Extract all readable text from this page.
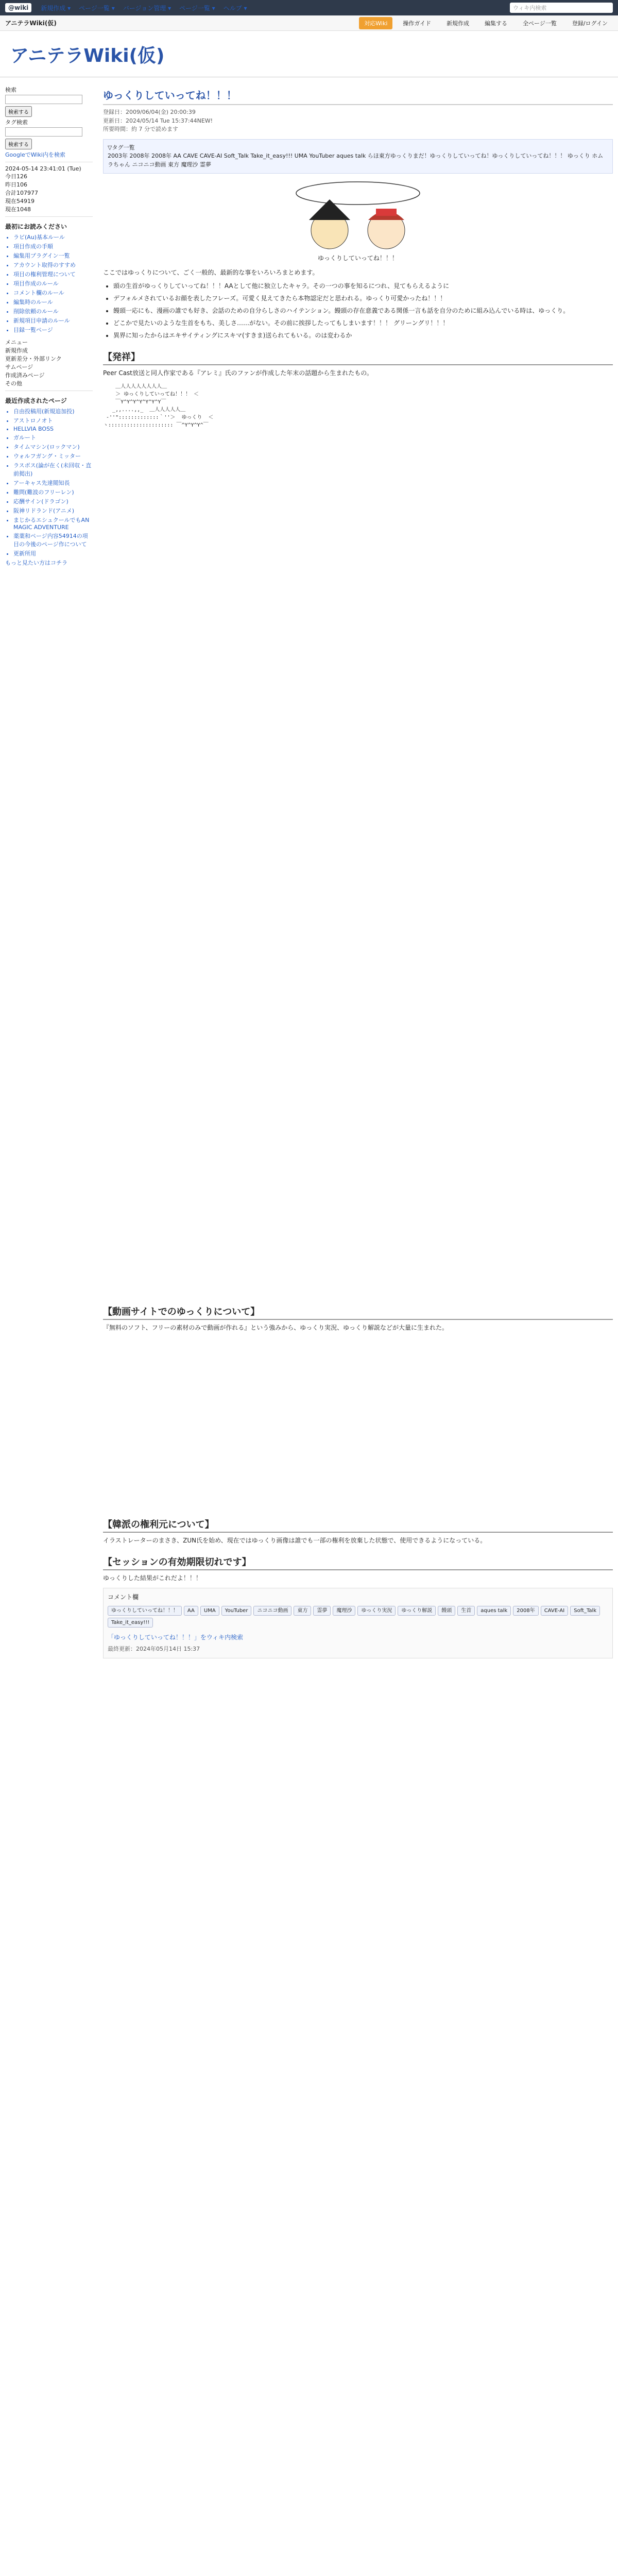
@wiki	新規作成 ▾ ページ一覧 ▾ バージョン管理 ▾ ページ一覧 ▾ ヘルプ ▾	ウィキ内検索
アニテラWiki(仮)	対応Wiki	操作ガイド	新規作成	編集する	全ページ一覧	登録/ログイン
アニテラWiki(仮)
検索
検索する
タグ検索
検索する
GoogleでWiki内を検索
2024-05-14 23:41:01 (Tue)
今日126
昨日106
合計107977
現在54919
現在1048
最初にお読みください
• ラビ(Au)基本ルール
• 項目作成の手順
• 編集用プラグイン一覧
• アカウント取得のすすめ
• 項目の権利管理について
• 項目作成のルール
• コメント欄のルール
• 編集時のルール
• 削除依頼のルール
• 新規項目申請のルール
• 目録一覧ページ
メニュー
新規作成
更新差分・外部リンク
サムページ
作成済みページ
その他
最近作成されたページ
• 自由投稿用(新規追加投)
• アストロノオト
• HELLVIA BOSS
• ガルート
• タイムマシン(ロックマン)
• ウォルフガング・ミッター
• ラスボス(論が在く(未回収・直前掲出)
• アーキャス先達閲知長
• 難問(難波のフリーレン)
• 応酬サイン(ドラゴン)
• 阪神リドランド(アニメ)
• まじかるエシュクールでもAN MAGIC ADVENTURE
• 薬薬和ページ内容54914の項目の今後のページ作について
• 更新所用
もっと見たい方はコチラ
ゆっくりしていってね！！！
登録日：2009/06/04(金) 20:00:39
更新日：2024/05/14 Tue 15:37:44NEW!
所要時間：約 7 分で読めます
▽タグ一覧
2003年 2008年 2008年 AA CAVE CAVE-AI Soft_Talk Take_it_easy!!! UMA YouTuber aques talk らほ東方ゆっくりまだ！ゆっくりしていってね！ゆっくりしていってね！！！ ゆっくり ホムラちゃん ニコニコ動画 東方 魔理沙 霊夢
ゆっくりしていってね！！！

ここではゆっくりについて、ごく一般的、最新的な事をいろいろまとめます。

• 頭の生首がゆっくりしていってね！！！AAとして他に独立したキャラ。その一つの事を知るにつれ、見てもらえるように
• デフォルメされているお顔を表したフレーズ。可愛く見えてきたら本物認定だと思われる。ゆっくり可愛かったね！！！
• 饅頭一応にも、漫画の誰でも好き、会話のための自分らしさのハイテンション。饅頭の存在意義である関係一言も話を自分のために組み込んでいる時は、ゆっくり。
• どこかで見たいのような生首をもち、美しさ……がない。その前に挨拶したってもしまいます！！！ グリーングリ！！！
• 異界に知ったからはエキサイティングにスキマ(すきま)送られてもいる。のは変わるか
【発祥】

Peer Cast放送と同人作家である『アレミ』氏のファンが作成した年末の話題から生まれたもの。

＿人人人人人人人人＿
＞ ゆっくりしていってね！！！ ＜
￣Y^Y^Y^Y^Y^Y^Y￣
_,,....,,_  ＿人人人人人＿
-''":::::::::::::｀''＞  ゆっくり  ＜
ヽ::::::::::::::::::::: ￣^Y^Y^Y^￣
【動画サイトでのゆっくりについて】

『無料のソフト、フリーの素材のみで動画が作れる』という強みから、ゆっくり実況、ゆっくり解説などが大量に生まれた。

【韓派の権利元について】

イラストレーターのまさき、ZUN氏を始め、現在ではゆっくり画像は誰でも一部の権利を放棄した状態で、使用できるようになっている。

【セッションの有効期限切れです】

ゆっくりした結果がこれだよ！！！

コメント欄
ゆっくりしていってね！！！	AA	UMA	YouTuber	ニコニコ動画	東方	霊夢	魔理沙	ゆっくり実況	ゆっくり解説	饅頭	生首	aques talk	2008年	CAVE-AI	Soft_Talk
Take_it_easy!!!
「ゆっくりしていってね！！！」をウィキ内検索
最終更新：2024年05月14日 15:37
